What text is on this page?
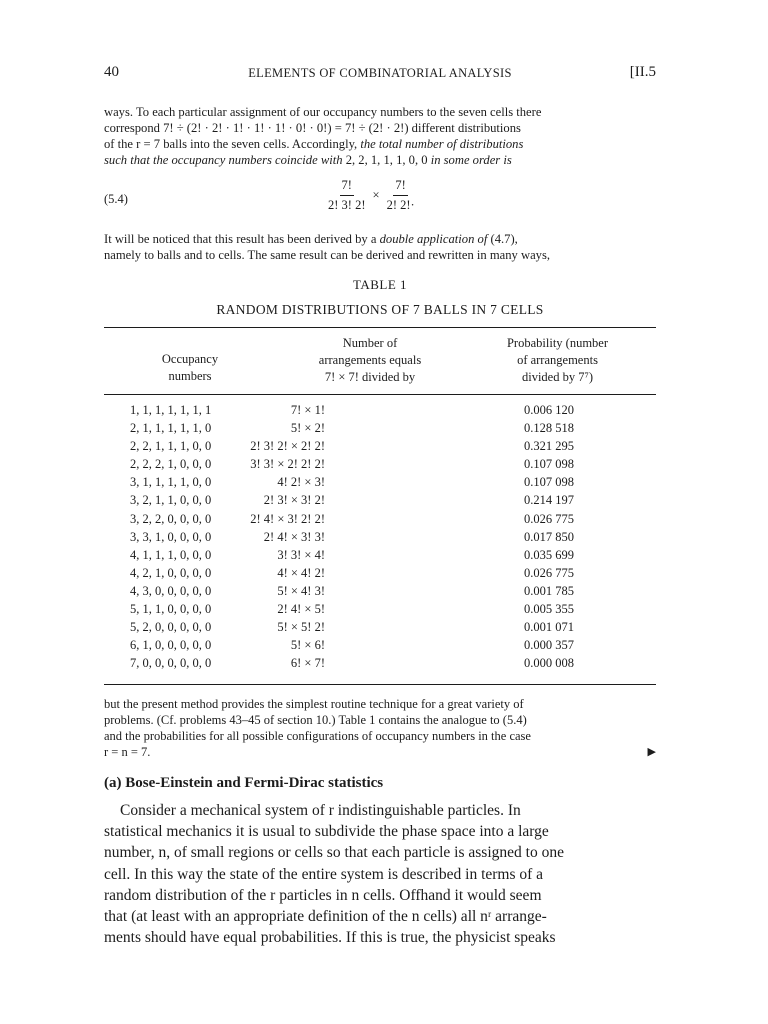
40	ELEMENTS OF COMBINATORIAL ANALYSIS	[II.5
ways. To each particular assignment of our occupancy numbers to the seven cells there
correspond 7! ÷ (2! · 2! · 1! · 1! · 1! · 0! · 0!) = 7! ÷ (2! · 2!) different distributions
of the r = 7 balls into the seven cells. Accordingly, the total number of distributions
such that the occupancy numbers coincide with 2, 2, 1, 1, 1, 0, 0 in some order is
(5.4)	$\frac{7!}{2! 3! 2!} \times \frac{7!}{2! 2!\cdot}$
It will be noticed that this result has been derived by a double application of (4.7),
namely to balls and to cells. The same result can be derived and rewritten in many ways,
TABLE 1
RANDOM DISTRIBUTIONS OF 7 BALLS IN 7 CELLS
Occupancy
numbers
Number of
arrangements equals
7! × 7! divided by
Probability (number
of arrangements
divided by 7⁷)
1, 1, 1, 1, 1, 1, 1	7! × 1!	0.006 120
2, 1, 1, 1, 1, 1, 0	5! × 2!	0.128 518
2, 2, 1, 1, 1, 0, 0	2! 3! 2! × 2! 2!	0.321 295
2, 2, 2, 1, 0, 0, 0	3! 3! × 2! 2! 2!	0.107 098
3, 1, 1, 1, 1, 0, 0	4! 2! × 3!	0.107 098
3, 2, 1, 1, 0, 0, 0	2! 3! × 3! 2!	0.214 197
3, 2, 2, 0, 0, 0, 0	2! 4! × 3! 2! 2!	0.026 775
3, 3, 1, 0, 0, 0, 0	2! 4! × 3! 3!	0.017 850
4, 1, 1, 1, 0, 0, 0	3! 3! × 4!	0.035 699
4, 2, 1, 0, 0, 0, 0	4! × 4! 2!	0.026 775
4, 3, 0, 0, 0, 0, 0	5! × 4! 3!	0.001 785
5, 1, 1, 0, 0, 0, 0	2! 4! × 5!	0.005 355
5, 2, 0, 0, 0, 0, 0	5! × 5! 2!	0.001 071
6, 1, 0, 0, 0, 0, 0	5! × 6!	0.000 357
7, 0, 0, 0, 0, 0, 0	6! × 7!	0.000 008
but the present method provides the simplest routine technique for a great variety of
problems. (Cf. problems 43–45 of section 10.) Table 1 contains the analogue to (5.4)
and the probabilities for all possible configurations of occupancy numbers in the case
r = n = 7.	▶
(a) Bose-Einstein and Fermi-Dirac statistics
Consider a mechanical system of r indistinguishable particles. In
statistical mechanics it is usual to subdivide the phase space into a large
number, n, of small regions or cells so that each particle is assigned to one
cell. In this way the state of the entire system is described in terms of a
random distribution of the r particles in n cells. Offhand it would seem
that (at least with an appropriate definition of the n cells) all nʳ arrange-
ments should have equal probabilities. If this is true, the physicist speaks
